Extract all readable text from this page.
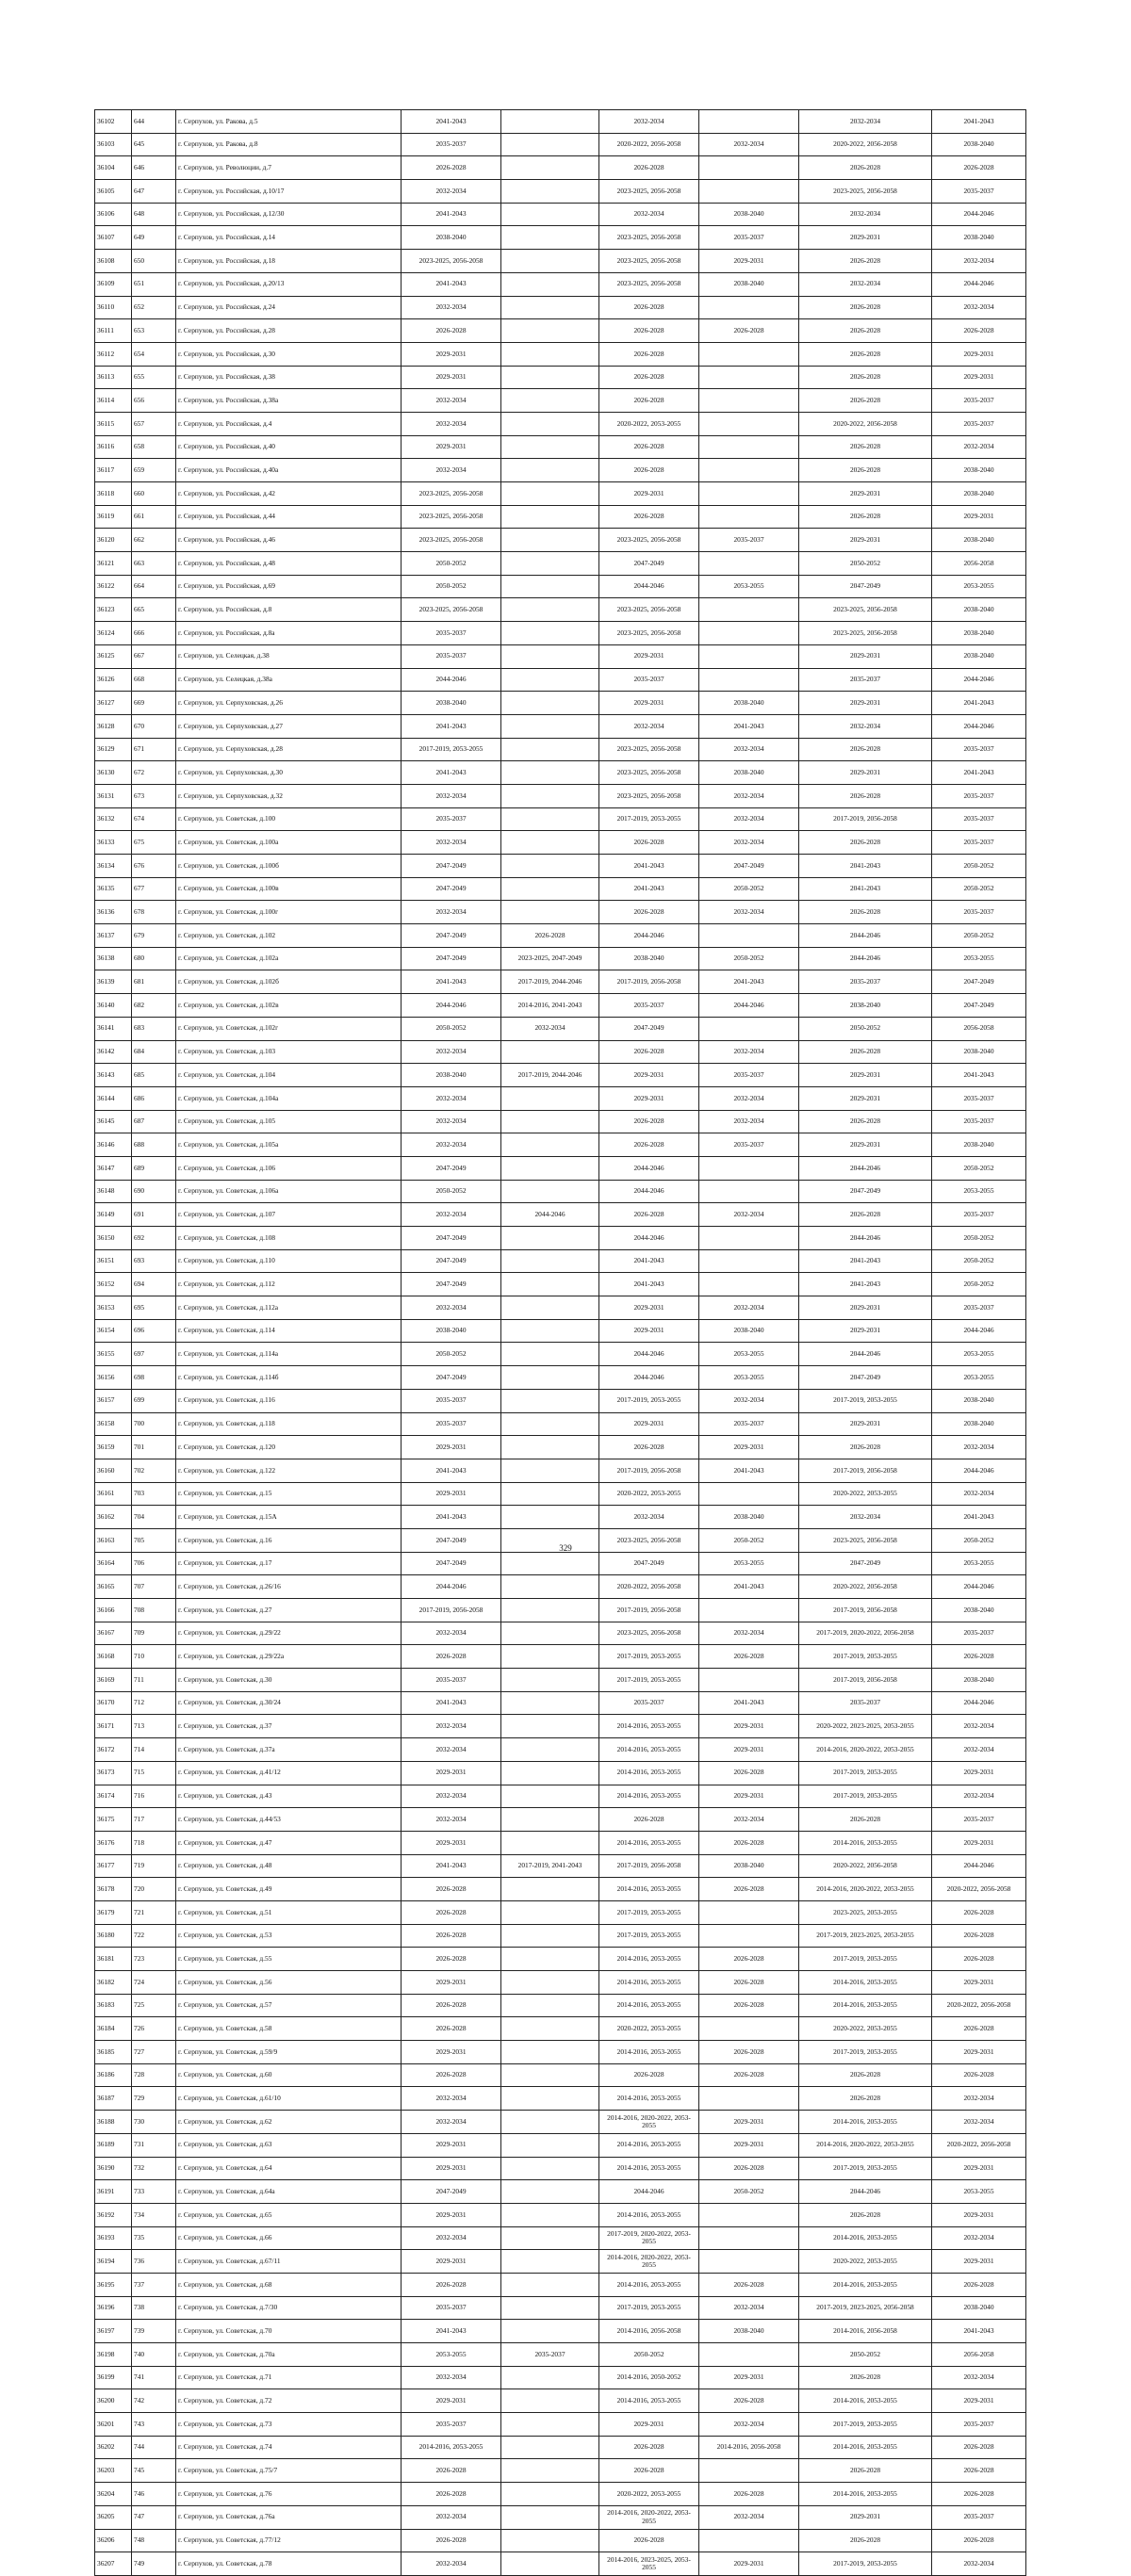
36102	644	г. Серпухов, ул. Ракова, д.5	2041-2043		2032-2034		2032-2034	2041-2043
36103	645	г. Серпухов, ул. Ракова, д.8	2035-2037		2020-2022, 2056-2058	2032-2034	2020-2022, 2056-2058	2038-2040
36104	646	г. Серпухов, ул. Революции, д.7	2026-2028		2026-2028		2026-2028	2026-2028
36105	647	г. Серпухов, ул. Российская, д.10/17	2032-2034		2023-2025, 2056-2058		2023-2025, 2056-2058	2035-2037
36106	648	г. Серпухов, ул. Российская, д.12/30	2041-2043		2032-2034	2038-2040	2032-2034	2044-2046
36107	649	г. Серпухов, ул. Российская, д.14	2038-2040		2023-2025, 2056-2058	2035-2037	2029-2031	2038-2040
36108	650	г. Серпухов, ул. Российская, д.18	2023-2025, 2056-2058		2023-2025, 2056-2058	2029-2031	2026-2028	2032-2034
36109	651	г. Серпухов, ул. Российская, д.20/13	2041-2043		2023-2025, 2056-2058	2038-2040	2032-2034	2044-2046
36110	652	г. Серпухов, ул. Российская, д.24	2032-2034		2026-2028		2026-2028	2032-2034
36111	653	г. Серпухов, ул. Российская, д.28	2026-2028		2026-2028	2026-2028	2026-2028	2026-2028
36112	654	г. Серпухов, ул. Российская, д.30	2029-2031		2026-2028		2026-2028	2029-2031
36113	655	г. Серпухов, ул. Российская, д.38	2029-2031		2026-2028		2026-2028	2029-2031
36114	656	г. Серпухов, ул. Российская, д.38а	2032-2034		2026-2028		2026-2028	2035-2037
36115	657	г. Серпухов, ул. Российская, д.4	2032-2034		2020-2022, 2053-2055		2020-2022, 2056-2058	2035-2037
36116	658	г. Серпухов, ул. Российская, д.40	2029-2031		2026-2028		2026-2028	2032-2034
36117	659	г. Серпухов, ул. Российская, д.40а	2032-2034		2026-2028		2026-2028	2038-2040
36118	660	г. Серпухов, ул. Российская, д.42	2023-2025, 2056-2058		2029-2031		2029-2031	2038-2040
36119	661	г. Серпухов, ул. Российская, д.44	2023-2025, 2056-2058		2026-2028		2026-2028	2029-2031
36120	662	г. Серпухов, ул. Российская, д.46	2023-2025, 2056-2058		2023-2025, 2056-2058	2035-2037	2029-2031	2038-2040
36121	663	г. Серпухов, ул. Российская, д.48	2050-2052		2047-2049		2050-2052	2056-2058
36122	664	г. Серпухов, ул. Российская, д.69	2050-2052		2044-2046	2053-2055	2047-2049	2053-2055
36123	665	г. Серпухов, ул. Российская, д.8	2023-2025, 2056-2058		2023-2025, 2056-2058		2023-2025, 2056-2058	2038-2040
36124	666	г. Серпухов, ул. Российская, д.8а	2035-2037		2023-2025, 2056-2058		2023-2025, 2056-2058	2038-2040
36125	667	г. Серпухов, ул. Селецкая, д.38	2035-2037		2029-2031		2029-2031	2038-2040
36126	668	г. Серпухов, ул. Селецкая, д.38а	2044-2046		2035-2037		2035-2037	2044-2046
36127	669	г. Серпухов, ул. Серпуховская, д.26	2038-2040		2029-2031	2038-2040	2029-2031	2041-2043
36128	670	г. Серпухов, ул. Серпуховская, д.27	2041-2043		2032-2034	2041-2043	2032-2034	2044-2046
36129	671	г. Серпухов, ул. Серпуховская, д.28	2017-2019, 2053-2055		2023-2025, 2056-2058	2032-2034	2026-2028	2035-2037
36130	672	г. Серпухов, ул. Серпуховская, д.30	2041-2043		2023-2025, 2056-2058	2038-2040	2029-2031	2041-2043
36131	673	г. Серпухов, ул. Серпуховская, д.32	2032-2034		2023-2025, 2056-2058	2032-2034	2026-2028	2035-2037
36132	674	г. Серпухов, ул. Советская, д.100	2035-2037		2017-2019, 2053-2055	2032-2034	2017-2019, 2056-2058	2035-2037
36133	675	г. Серпухов, ул. Советская, д.100а	2032-2034		2026-2028	2032-2034	2026-2028	2035-2037
36134	676	г. Серпухов, ул. Советская, д.100б	2047-2049		2041-2043	2047-2049	2041-2043	2050-2052
36135	677	г. Серпухов, ул. Советская, д.100в	2047-2049		2041-2043	2050-2052	2041-2043	2050-2052
36136	678	г. Серпухов, ул. Советская, д.100г	2032-2034		2026-2028	2032-2034	2026-2028	2035-2037
36137	679	г. Серпухов, ул. Советская, д.102	2047-2049	2026-2028	2044-2046		2044-2046	2050-2052
36138	680	г. Серпухов, ул. Советская, д.102а	2047-2049	2023-2025, 2047-2049	2038-2040	2050-2052	2044-2046	2053-2055
36139	681	г. Серпухов, ул. Советская, д.102б	2041-2043	2017-2019, 2044-2046	2017-2019, 2056-2058	2041-2043	2035-2037	2047-2049
36140	682	г. Серпухов, ул. Советская, д.102в	2044-2046	2014-2016, 2041-2043	2035-2037	2044-2046	2038-2040	2047-2049
36141	683	г. Серпухов, ул. Советская, д.102г	2050-2052	2032-2034	2047-2049		2050-2052	2056-2058
36142	684	г. Серпухов, ул. Советская, д.103	2032-2034		2026-2028	2032-2034	2026-2028	2038-2040
36143	685	г. Серпухов, ул. Советская, д.104	2038-2040	2017-2019, 2044-2046	2029-2031	2035-2037	2029-2031	2041-2043
36144	686	г. Серпухов, ул. Советская, д.104а	2032-2034		2029-2031	2032-2034	2029-2031	2035-2037
36145	687	г. Серпухов, ул. Советская, д.105	2032-2034		2026-2028	2032-2034	2026-2028	2035-2037
36146	688	г. Серпухов, ул. Советская, д.105а	2032-2034		2026-2028	2035-2037	2029-2031	2038-2040
36147	689	г. Серпухов, ул. Советская, д.106	2047-2049		2044-2046		2044-2046	2050-2052
36148	690	г. Серпухов, ул. Советская, д.106а	2050-2052		2044-2046		2047-2049	2053-2055
36149	691	г. Серпухов, ул. Советская, д.107	2032-2034	2044-2046	2026-2028	2032-2034	2026-2028	2035-2037
36150	692	г. Серпухов, ул. Советская, д.108	2047-2049		2044-2046		2044-2046	2050-2052
36151	693	г. Серпухов, ул. Советская, д.110	2047-2049		2041-2043		2041-2043	2050-2052
36152	694	г. Серпухов, ул. Советская, д.112	2047-2049		2041-2043		2041-2043	2050-2052
36153	695	г. Серпухов, ул. Советская, д.112а	2032-2034		2029-2031	2032-2034	2029-2031	2035-2037
36154	696	г. Серпухов, ул. Советская, д.114	2038-2040		2029-2031	2038-2040	2029-2031	2044-2046
36155	697	г. Серпухов, ул. Советская, д.114а	2050-2052		2044-2046	2053-2055	2044-2046	2053-2055
36156	698	г. Серпухов, ул. Советская, д.114б	2047-2049		2044-2046	2053-2055	2047-2049	2053-2055
36157	699	г. Серпухов, ул. Советская, д.116	2035-2037		2017-2019, 2053-2055	2032-2034	2017-2019, 2053-2055	2038-2040
36158	700	г. Серпухов, ул. Советская, д.118	2035-2037		2029-2031	2035-2037	2029-2031	2038-2040
36159	701	г. Серпухов, ул. Советская, д.120	2029-2031		2026-2028	2029-2031	2026-2028	2032-2034
36160	702	г. Серпухов, ул. Советская, д.122	2041-2043		2017-2019, 2056-2058	2041-2043	2017-2019, 2056-2058	2044-2046
36161	703	г. Серпухов, ул. Советская, д.15	2029-2031		2020-2022, 2053-2055		2020-2022, 2053-2055	2032-2034
36162	704	г. Серпухов, ул. Советская, д.15А	2041-2043		2032-2034	2038-2040	2032-2034	2041-2043
36163	705	г. Серпухов, ул. Советская, д.16	2047-2049		2023-2025, 2056-2058	2050-2052	2023-2025, 2056-2058	2050-2052
36164	706	г. Серпухов, ул. Советская, д.17	2047-2049		2047-2049	2053-2055	2047-2049	2053-2055
36165	707	г. Серпухов, ул. Советская, д.26/16	2044-2046		2020-2022, 2056-2058	2041-2043	2020-2022, 2056-2058	2044-2046
36166	708	г. Серпухов, ул. Советская, д.27	2017-2019, 2056-2058		2017-2019, 2056-2058		2017-2019, 2056-2058	2038-2040
36167	709	г. Серпухов, ул. Советская, д.29/22	2032-2034		2023-2025, 2056-2058	2032-2034	2017-2019, 2020-2022, 2056-2058	2035-2037
36168	710	г. Серпухов, ул. Советская, д.29/22а	2026-2028		2017-2019, 2053-2055	2026-2028	2017-2019, 2053-2055	2026-2028
36169	711	г. Серпухов, ул. Советская, д.30	2035-2037		2017-2019, 2053-2055		2017-2019, 2056-2058	2038-2040
36170	712	г. Серпухов, ул. Советская, д.30/24	2041-2043		2035-2037	2041-2043	2035-2037	2044-2046
36171	713	г. Серпухов, ул. Советская, д.37	2032-2034		2014-2016, 2053-2055	2029-2031	2020-2022, 2023-2025, 2053-2055	2032-2034
36172	714	г. Серпухов, ул. Советская, д.37а	2032-2034		2014-2016, 2053-2055	2029-2031	2014-2016, 2020-2022, 2053-2055	2032-2034
36173	715	г. Серпухов, ул. Советская, д.41/12	2029-2031		2014-2016, 2053-2055	2026-2028	2017-2019, 2053-2055	2029-2031
36174	716	г. Серпухов, ул. Советская, д.43	2032-2034		2014-2016, 2053-2055	2029-2031	2017-2019, 2053-2055	2032-2034
36175	717	г. Серпухов, ул. Советская, д.44/53	2032-2034		2026-2028	2032-2034	2026-2028	2035-2037
36176	718	г. Серпухов, ул. Советская, д.47	2029-2031		2014-2016, 2053-2055	2026-2028	2014-2016, 2053-2055	2029-2031
36177	719	г. Серпухов, ул. Советская, д.48	2041-2043	2017-2019, 2041-2043	2017-2019, 2056-2058	2038-2040	2020-2022, 2056-2058	2044-2046
36178	720	г. Серпухов, ул. Советская, д.49	2026-2028		2014-2016, 2053-2055	2026-2028	2014-2016, 2020-2022, 2053-2055	2020-2022, 2056-2058
36179	721	г. Серпухов, ул. Советская, д.51	2026-2028		2017-2019, 2053-2055		2023-2025, 2053-2055	2026-2028
36180	722	г. Серпухов, ул. Советская, д.53	2026-2028		2017-2019, 2053-2055		2017-2019, 2023-2025, 2053-2055	2026-2028
36181	723	г. Серпухов, ул. Советская, д.55	2026-2028		2014-2016, 2053-2055	2026-2028	2017-2019, 2053-2055	2026-2028
36182	724	г. Серпухов, ул. Советская, д.56	2029-2031		2014-2016, 2053-2055	2026-2028	2014-2016, 2053-2055	2029-2031
36183	725	г. Серпухов, ул. Советская, д.57	2026-2028		2014-2016, 2053-2055	2026-2028	2014-2016, 2053-2055	2020-2022, 2056-2058
36184	726	г. Серпухов, ул. Советская, д.58	2026-2028		2020-2022, 2053-2055		2020-2022, 2053-2055	2026-2028
36185	727	г. Серпухов, ул. Советская, д.59/9	2029-2031		2014-2016, 2053-2055	2026-2028	2017-2019, 2053-2055	2029-2031
36186	728	г. Серпухов, ул. Советская, д.60	2026-2028		2026-2028	2026-2028	2026-2028	2026-2028
36187	729	г. Серпухов, ул. Советская, д.61/10	2032-2034		2014-2016, 2053-2055		2026-2028	2032-2034
36188	730	г. Серпухов, ул. Советская, д.62	2032-2034		2014-2016, 2020-2022, 2053-2055	2029-2031	2014-2016, 2053-2055	2032-2034
36189	731	г. Серпухов, ул. Советская, д.63	2029-2031		2014-2016, 2053-2055	2029-2031	2014-2016, 2020-2022, 2053-2055	2020-2022, 2056-2058
36190	732	г. Серпухов, ул. Советская, д.64	2029-2031		2014-2016, 2053-2055	2026-2028	2017-2019, 2053-2055	2029-2031
36191	733	г. Серпухов, ул. Советская, д.64а	2047-2049		2044-2046	2050-2052	2044-2046	2053-2055
36192	734	г. Серпухов, ул. Советская, д.65	2029-2031		2014-2016, 2053-2055		2026-2028	2029-2031
36193	735	г. Серпухов, ул. Советская, д.66	2032-2034		2017-2019, 2020-2022, 2053-2055		2014-2016, 2053-2055	2032-2034
36194	736	г. Серпухов, ул. Советская, д.67/11	2029-2031		2014-2016, 2020-2022, 2053-2055		2020-2022, 2053-2055	2029-2031
36195	737	г. Серпухов, ул. Советская, д.68	2026-2028		2014-2016, 2053-2055	2026-2028	2014-2016, 2053-2055	2026-2028
36196	738	г. Серпухов, ул. Советская, д.7/30	2035-2037		2017-2019, 2053-2055	2032-2034	2017-2019, 2023-2025, 2056-2058	2038-2040
36197	739	г. Серпухов, ул. Советская, д.70	2041-2043		2014-2016, 2056-2058	2038-2040	2014-2016, 2056-2058	2041-2043
36198	740	г. Серпухов, ул. Советская, д.70а	2053-2055	2035-2037	2050-2052		2050-2052	2056-2058
36199	741	г. Серпухов, ул. Советская, д.71	2032-2034		2014-2016, 2050-2052	2029-2031	2026-2028	2032-2034
36200	742	г. Серпухов, ул. Советская, д.72	2029-2031		2014-2016, 2053-2055	2026-2028	2014-2016, 2053-2055	2029-2031
36201	743	г. Серпухов, ул. Советская, д.73	2035-2037		2029-2031	2032-2034	2017-2019, 2053-2055	2035-2037
36202	744	г. Серпухов, ул. Советская, д.74	2014-2016, 2053-2055		2026-2028	2014-2016, 2056-2058	2014-2016, 2053-2055	2026-2028
36203	745	г. Серпухов, ул. Советская, д.75/7	2026-2028		2026-2028		2026-2028	2026-2028
36204	746	г. Серпухов, ул. Советская, д.76	2026-2028		2020-2022, 2053-2055	2026-2028	2014-2016, 2053-2055	2026-2028
36205	747	г. Серпухов, ул. Советская, д.76а	2032-2034		2014-2016, 2020-2022, 2053-2055	2032-2034	2029-2031	2035-2037
36206	748	г. Серпухов, ул. Советская, д.77/12	2026-2028		2026-2028		2026-2028	2026-2028
36207	749	г. Серпухов, ул. Советская, д.78	2032-2034		2014-2016, 2023-2025, 2053-2055	2029-2031	2017-2019, 2053-2055	2032-2034
329
